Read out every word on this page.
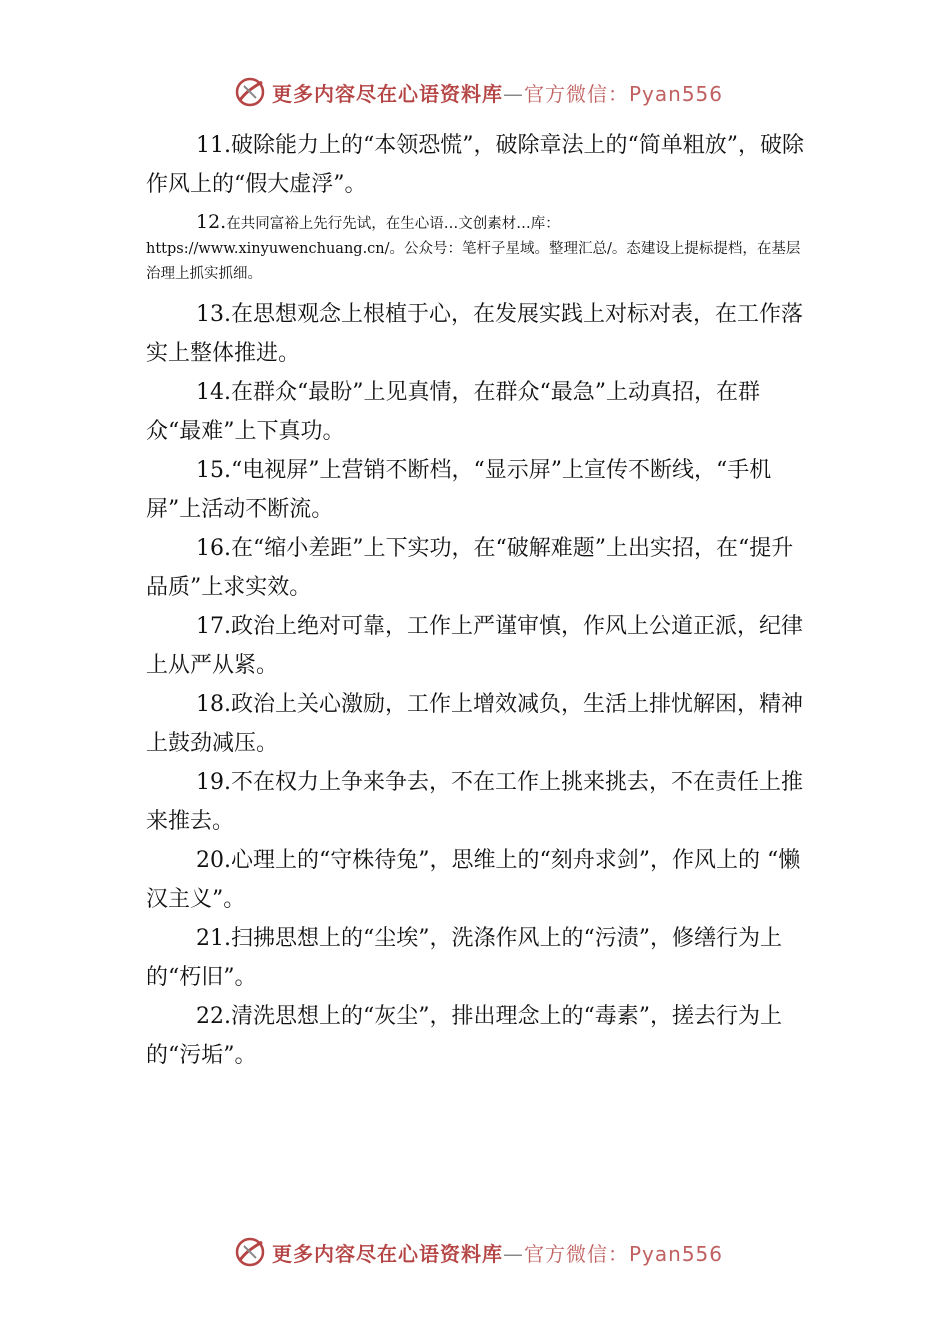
更多内容尽在心语资料库—官方微信：Pyan556

11.破除能力上的“本领恐慌”，破除章法上的“简单粗放”，破除作风上的“假大虚浮”。

12.在共同富裕上先行先试，在生心语…文创素材…库：https://www.xinyuwenchuang.cn/。公众号：笔杆子星域。整理汇总/。态建设上提标提档，在基层治理上抓实抓细。

13.在思想观念上根植于心，在发展实践上对标对表，在工作落实上整体推进。

14.在群众“最盼”上见真情，在群众“最急”上动真招，在群众“最难”上下真功。

15.“电视屏”上营销不断档，“显示屏”上宣传不断线，“手机屏”上活动不断流。

16.在“缩小差距”上下实功，在“破解难题”上出实招，在“提升品质”上求实效。

17.政治上绝对可靠，工作上严谨审慎，作风上公道正派，纪律上从严从紧。

18.政治上关心激励，工作上增效减负，生活上排忧解困，精神上鼓劲减压。

19.不在权力上争来争去，不在工作上挑来挑去，不在责任上推来推去。

20.心理上的“守株待兔”，思维上的“刻舟求剑”，作风上的 “懒汉主义”。

21.扫拂思想上的“尘埃”，洗涤作风上的“污渍”，修缮行为上的“朽旧”。

22.清洗思想上的“灰尘”，排出理念上的“毒素”，搓去行为上的“污垢”。

更多内容尽在心语资料库—官方微信：Pyan556
